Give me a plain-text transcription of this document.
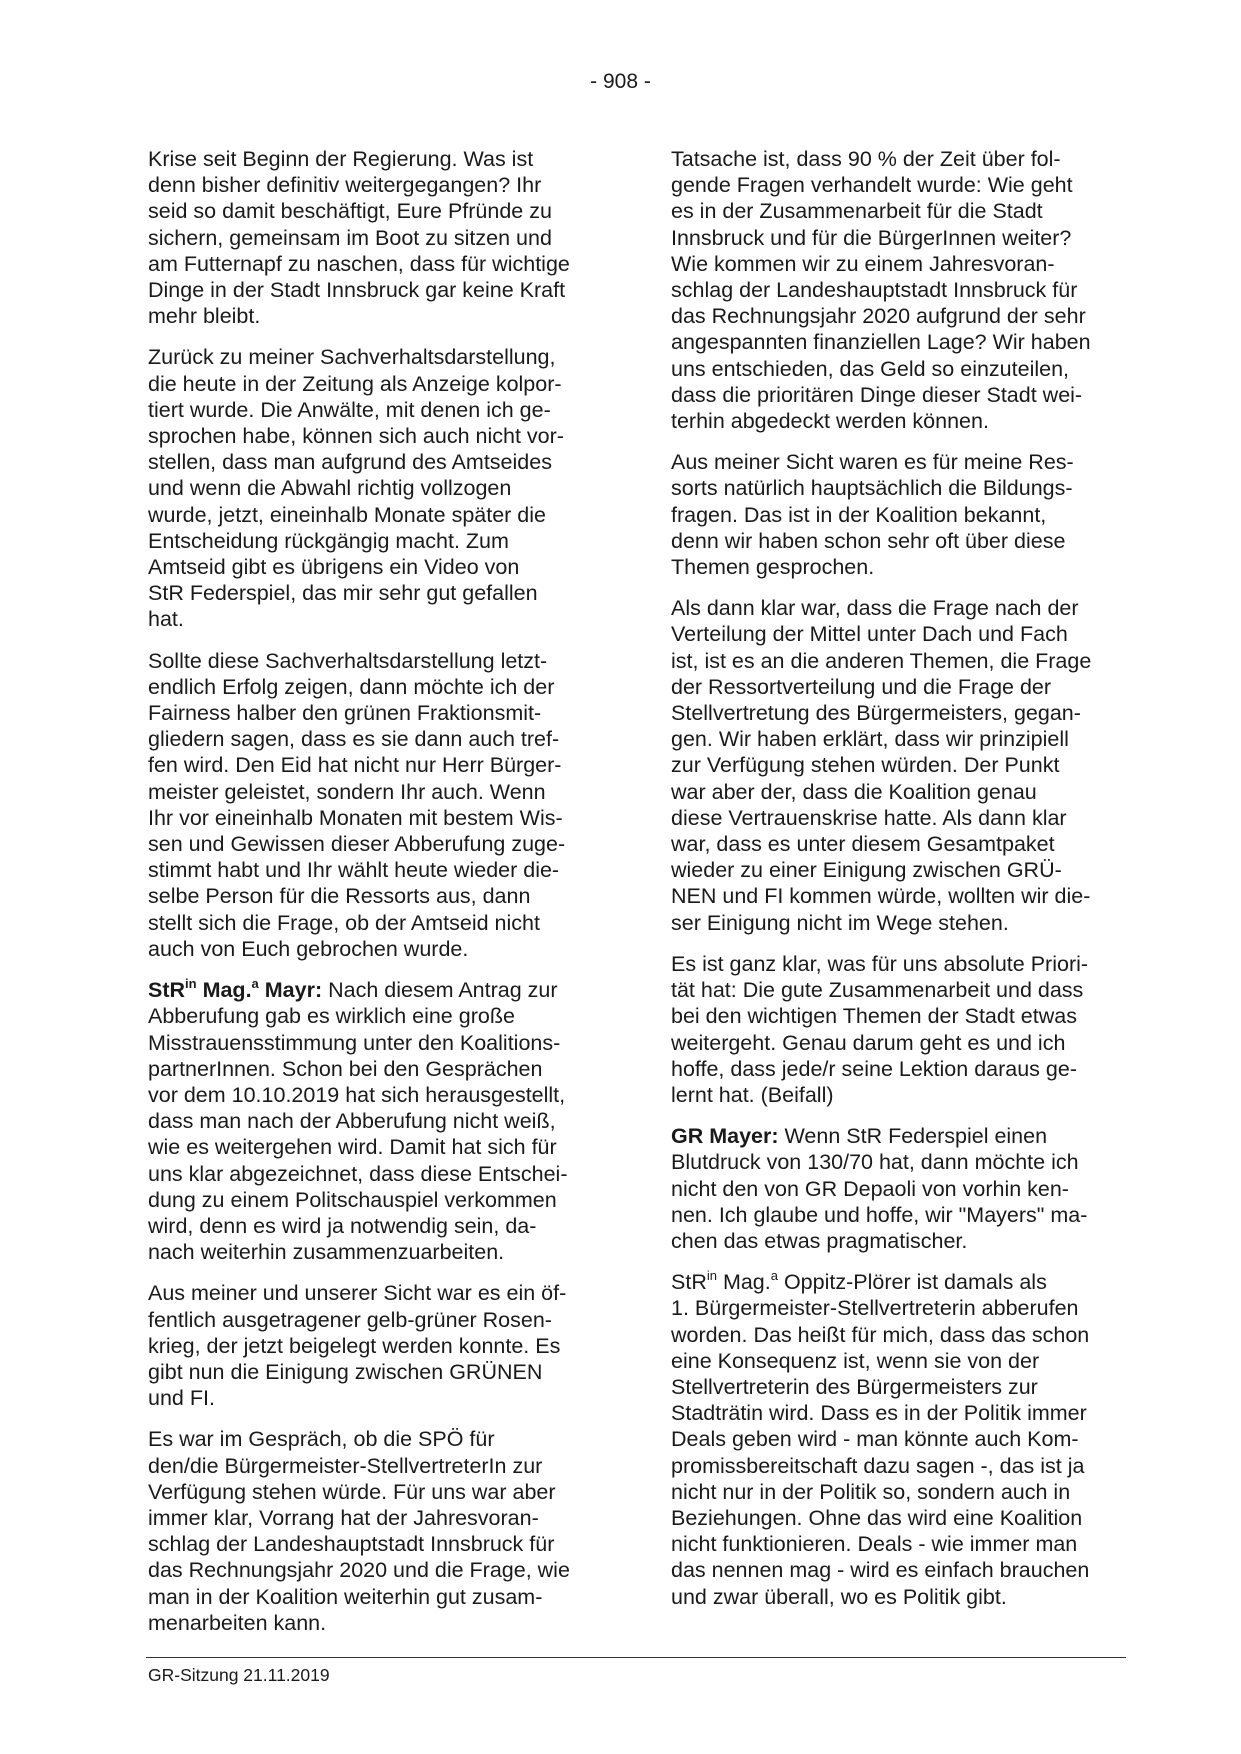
- 908 -
Krise seit Beginn der Regierung. Was ist
denn bisher definitiv weitergegangen? Ihr
seid so damit beschäftigt, Eure Pfründe zu
sichern, gemeinsam im Boot zu sitzen und
am Futternapf zu naschen, dass für wichtige
Dinge in der Stadt Innsbruck gar keine Kraft
mehr bleibt.
Zurück zu meiner Sachverhaltsdarstellung,
die heute in der Zeitung als Anzeige kolpor-
tiert wurde. Die Anwälte, mit denen ich ge-
sprochen habe, können sich auch nicht vor-
stellen, dass man aufgrund des Amtseides
und wenn die Abwahl richtig vollzogen
wurde, jetzt, eineinhalb Monate später die
Entscheidung rückgängig macht. Zum
Amtseid gibt es übrigens ein Video von
StR Federspiel, das mir sehr gut gefallen
hat.
Sollte diese Sachverhaltsdarstellung letzt-
endlich Erfolg zeigen, dann möchte ich der
Fairness halber den grünen Fraktionsmit-
gliedern sagen, dass es sie dann auch tref-
fen wird. Den Eid hat nicht nur Herr Bürger-
meister geleistet, sondern Ihr auch. Wenn
Ihr vor eineinhalb Monaten mit bestem Wis-
sen und Gewissen dieser Abberufung zuge-
stimmt habt und Ihr wählt heute wieder die-
selbe Person für die Ressorts aus, dann
stellt sich die Frage, ob der Amtseid nicht
auch von Euch gebrochen wurde.
StR$^{in}$ Mag.$^a$ Mayr: Nach diesem Antrag zur
Abberufung gab es wirklich eine große
Misstrauensstimmung unter den Koalitions-
partnerInnen. Schon bei den Gesprächen
vor dem 10.10.2019 hat sich herausgestellt,
dass man nach der Abberufung nicht weiß,
wie es weitergehen wird. Damit hat sich für
uns klar abgezeichnet, dass diese Entschei-
dung zu einem Politschauspiel verkommen
wird, denn es wird ja notwendig sein, da-
nach weiterhin zusammenzuarbeiten.
Aus meiner und unserer Sicht war es ein öf-
fentlich ausgetragener gelb-grüner Rosen-
krieg, der jetzt beigelegt werden konnte. Es
gibt nun die Einigung zwischen GRÜNEN
und FI.
Es war im Gespräch, ob die SPÖ für
den/die Bürgermeister-StellvertreterIn zur
Verfügung stehen würde. Für uns war aber
immer klar, Vorrang hat der Jahresvoran-
schlag der Landeshauptstadt Innsbruck für
das Rechnungsjahr 2020 und die Frage, wie
man in der Koalition weiterhin gut zusam-
menarbeiten kann.
Tatsache ist, dass 90 % der Zeit über fol-
gende Fragen verhandelt wurde: Wie geht
es in der Zusammenarbeit für die Stadt
Innsbruck und für die BürgerInnen weiter?
Wie kommen wir zu einem Jahresvoran-
schlag der Landeshauptstadt Innsbruck für
das Rechnungsjahr 2020 aufgrund der sehr
angespannten finanziellen Lage? Wir haben
uns entschieden, das Geld so einzuteilen,
dass die prioritären Dinge dieser Stadt wei-
terhin abgedeckt werden können.
Aus meiner Sicht waren es für meine Res-
sorts natürlich hauptsächlich die Bildungs-
fragen. Das ist in der Koalition bekannt,
denn wir haben schon sehr oft über diese
Themen gesprochen.
Als dann klar war, dass die Frage nach der
Verteilung der Mittel unter Dach und Fach
ist, ist es an die anderen Themen, die Frage
der Ressortverteilung und die Frage der
Stellvertretung des Bürgermeisters, gegan-
gen. Wir haben erklärt, dass wir prinzipiell
zur Verfügung stehen würden. Der Punkt
war aber der, dass die Koalition genau
diese Vertrauenskrise hatte. Als dann klar
war, dass es unter diesem Gesamtpaket
wieder zu einer Einigung zwischen GRÜ-
NEN und FI kommen würde, wollten wir die-
ser Einigung nicht im Wege stehen.
Es ist ganz klar, was für uns absolute Priori-
tät hat: Die gute Zusammenarbeit und dass
bei den wichtigen Themen der Stadt etwas
weitergeht. Genau darum geht es und ich
hoffe, dass jede/r seine Lektion daraus ge-
lernt hat. (Beifall)
GR Mayer: Wenn StR Federspiel einen
Blutdruck von 130/70 hat, dann möchte ich
nicht den von GR Depaoli von vorhin ken-
nen. Ich glaube und hoffe, wir "Mayers" ma-
chen das etwas pragmatischer.
StR$^{in}$ Mag.$^a$ Oppitz-Plörer ist damals als
1. Bürgermeister-Stellvertreterin abberufen
worden. Das heißt für mich, dass das schon
eine Konsequenz ist, wenn sie von der
Stellvertreterin des Bürgermeisters zur
Stadträtin wird. Dass es in der Politik immer
Deals geben wird - man könnte auch Kom-
promissbereitschaft dazu sagen -, das ist ja
nicht nur in der Politik so, sondern auch in
Beziehungen. Ohne das wird eine Koalition
nicht funktionieren. Deals - wie immer man
das nennen mag - wird es einfach brauchen
und zwar überall, wo es Politik gibt.
GR-Sitzung 21.11.2019
